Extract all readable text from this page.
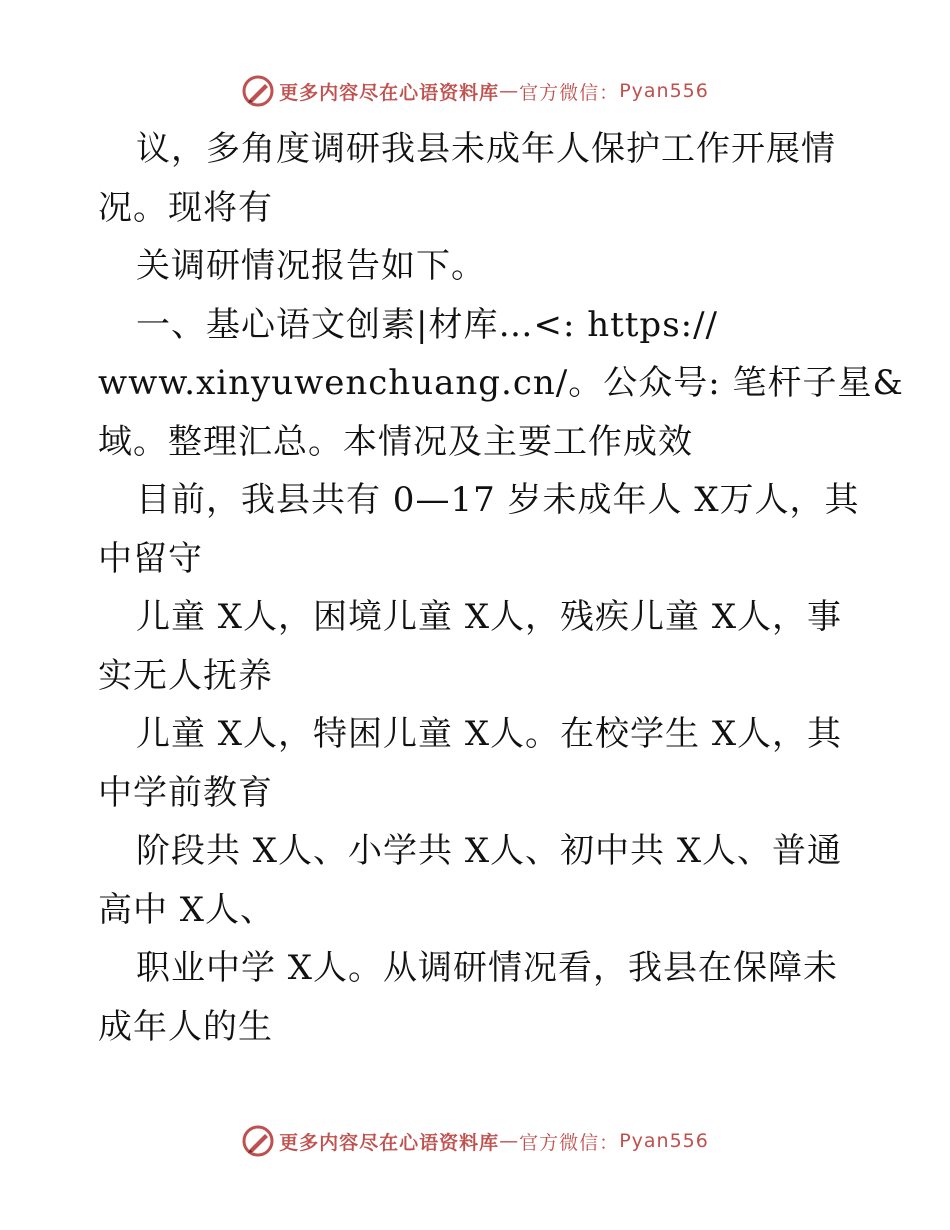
更多内容尽在心语资料库 — 官方微信： Pyan556
议，多角度调研我县未成年人保护工作开展情
况。现将有
关调研情况报告如下。
一、基心语文创素|材库…<: https://
www.xinyuwenchuang.cn/。公众号: 笔杆子星&
域。整理汇总。本情况及主要工作成效
目前，我县共有 0—17 岁未成年人 X万人，其
中留守
儿童 X人，困境儿童 X人，残疾儿童 X人，事
实无人抚养
儿童 X人，特困儿童 X人。在校学生 X人，其
中学前教育
阶段共 X人、小学共 X人、初中共 X人、普通
高中 X人、
职业中学 X人。从调研情况看，我县在保障未
成年人的生
更多内容尽在心语资料库 — 官方微信： Pyan556
